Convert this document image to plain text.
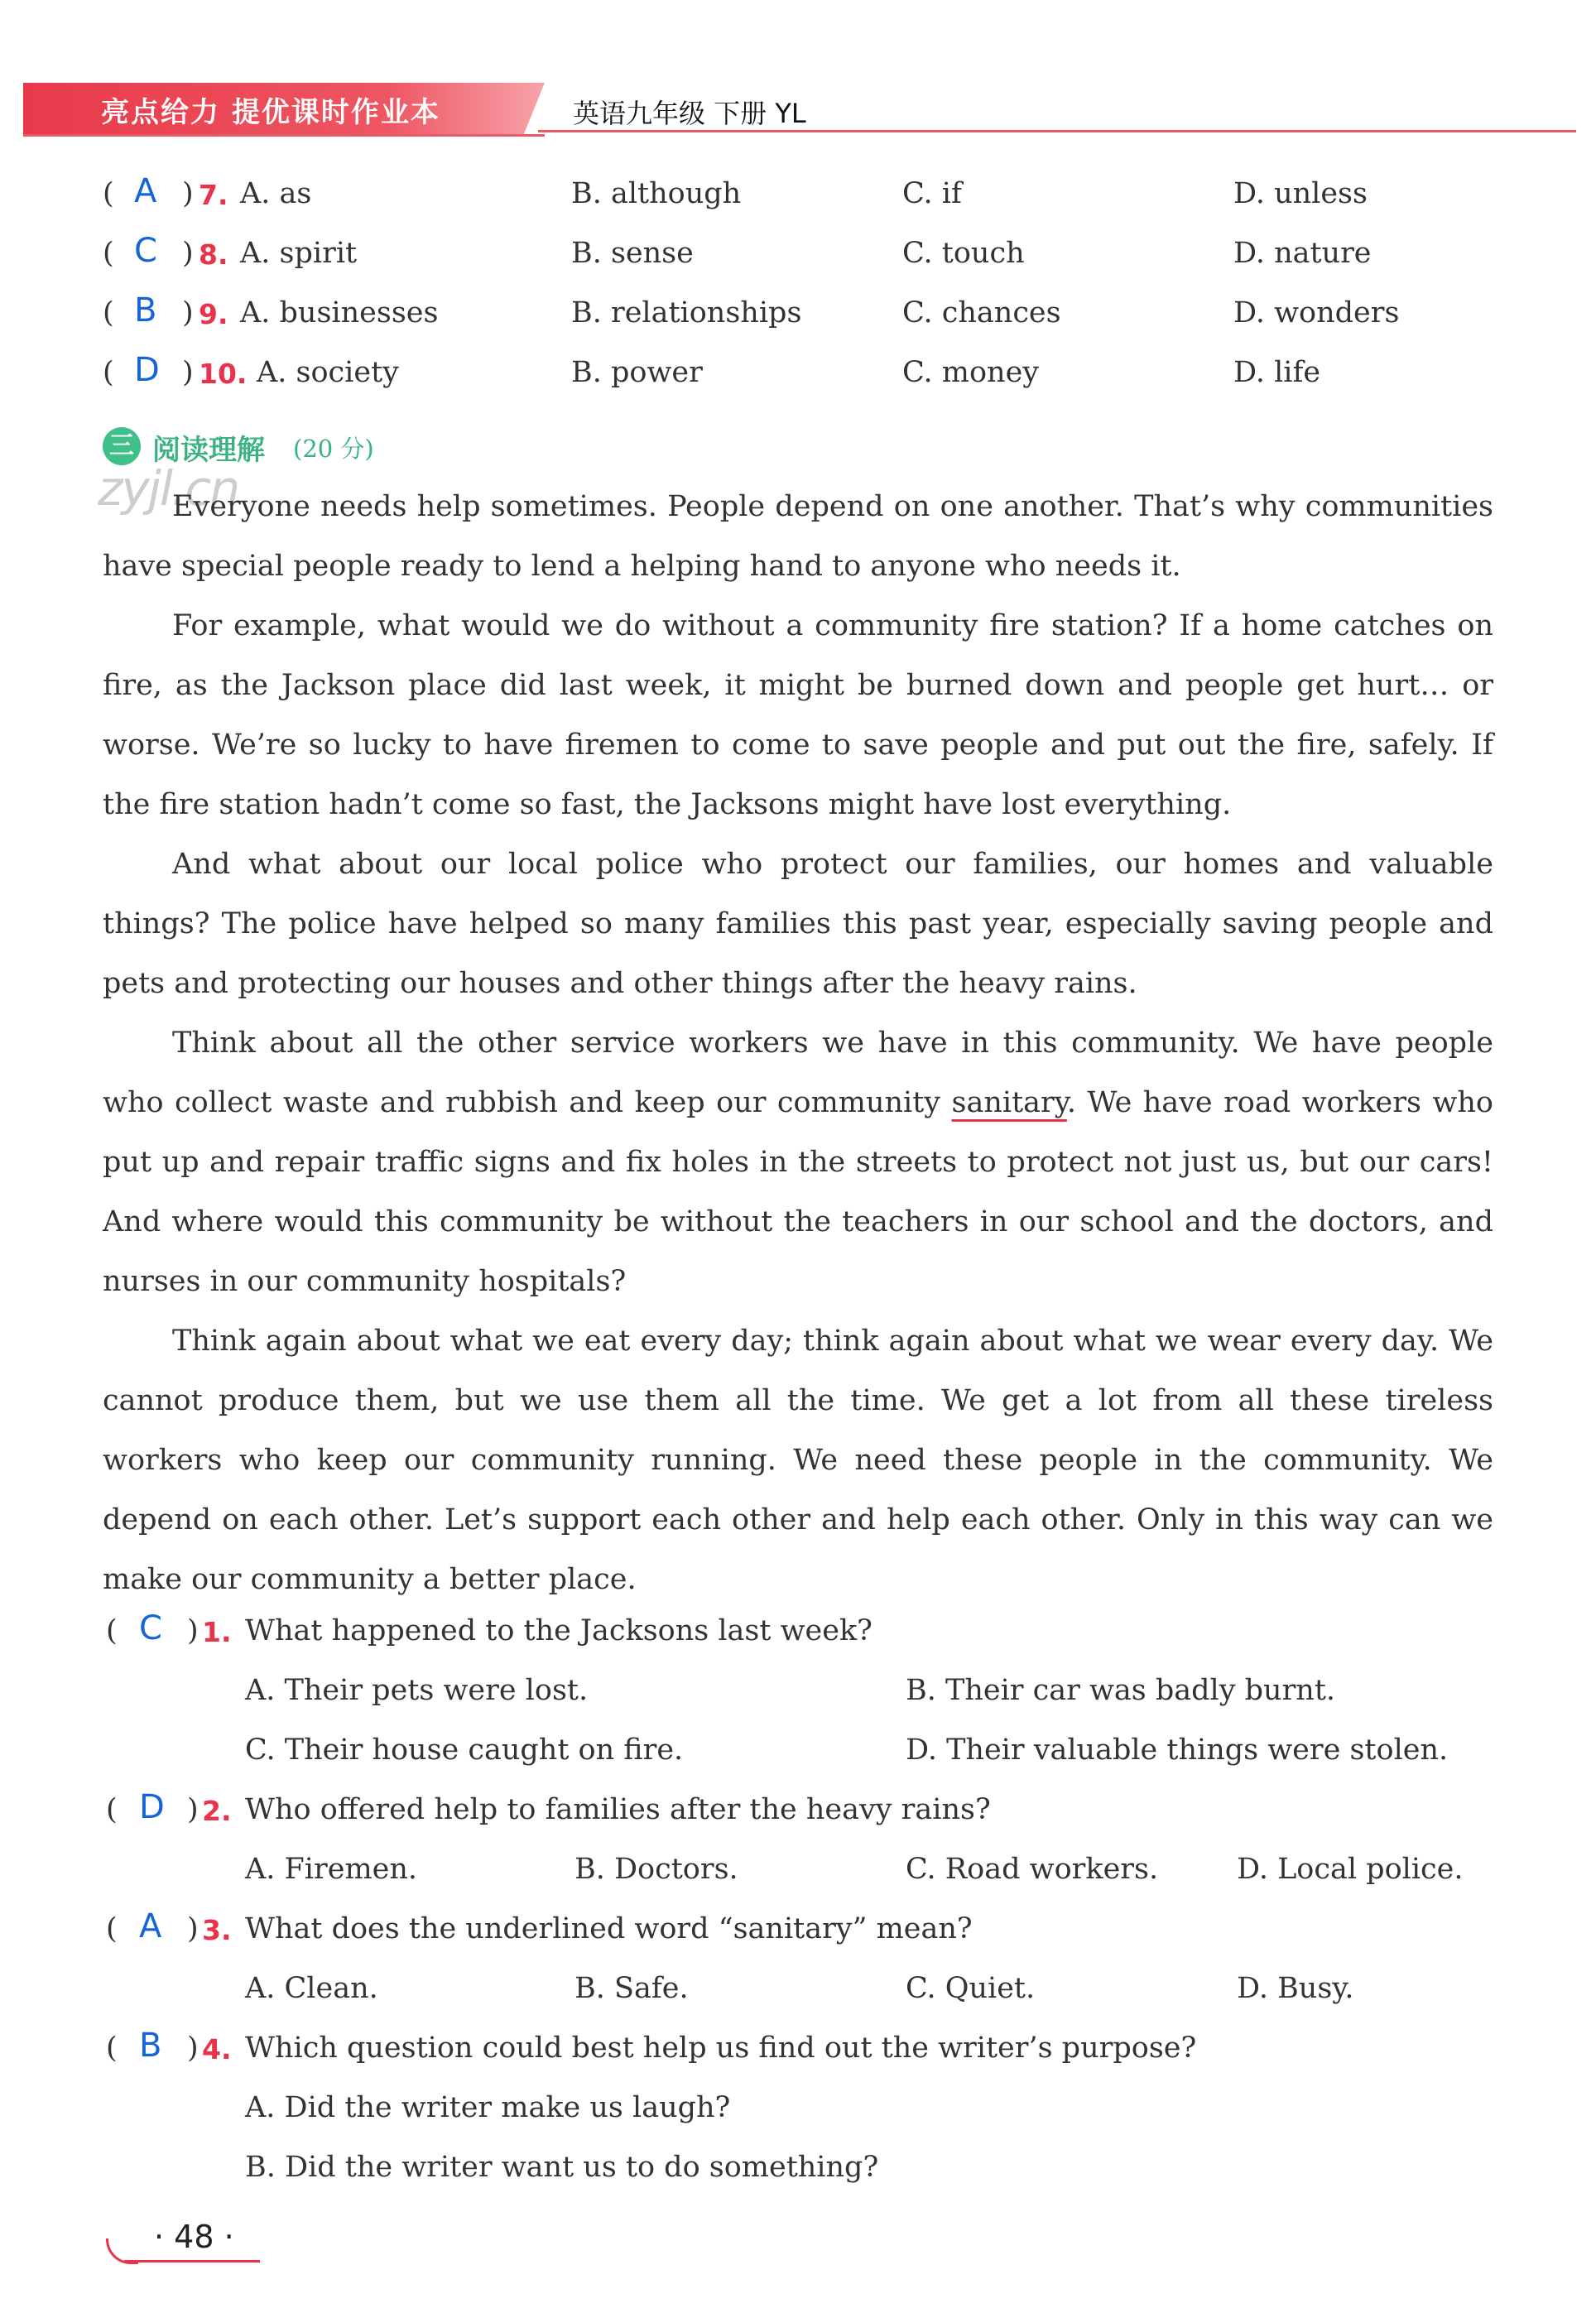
亮点给力 提优课时作业本	英语九年级 下册 YL
( A ) 7. A. as	B. although	C. if	D. unless
( C ) 8. A. spirit	B. sense	C. touch	D. nature
( B ) 9. A. businesses	B. relationships	C. chances	D. wonders
( D ) 10. A. society	B. power	C. money	D. life
三 阅读理解 (20 分)
zyjl.cn

Everyone needs help sometimes. People depend on one another. That’s why communities have special people ready to lend a helping hand to anyone who needs it.

For example, what would we do without a community fire station? If a home catches on fire, as the Jackson place did last week, it might be burned down and people get hurt… or worse. We’re so lucky to have firemen to come to save people and put out the fire, safely. If the fire station hadn’t come so fast, the Jacksons might have lost everything.

And what about our local police who protect our families, our homes and valuable things? The police have helped so many families this past year, especially saving people and pets and protecting our houses and other things after the heavy rains.

Think about all the other service workers we have in this community. We have people who collect waste and rubbish and keep our community sanitary. We have road workers who put up and repair traffic signs and fix holes in the streets to protect not just us, but our cars! And where would this community be without the teachers in our school and the doctors, and nurses in our community hospitals?

Think again about what we eat every day; think again about what we wear every day. We cannot produce them, but we use them all the time. We get a lot from all these tireless workers who keep our community running. We need these people in the community. We depend on each other. Let’s support each other and help each other. Only in this way can we make our community a better place.

( C ) 1. What happened to the Jacksons last week?
A. Their pets were lost.	B. Their car was badly burnt.
C. Their house caught on fire.	D. Their valuable things were stolen.
( D ) 2. Who offered help to families after the heavy rains?
A. Firemen.	B. Doctors.	C. Road workers.	D. Local police.
( A ) 3. What does the underlined word “sanitary” mean?
A. Clean.	B. Safe.	C. Quiet.	D. Busy.
( B ) 4. Which question could best help us find out the writer’s purpose?
A. Did the writer make us laugh?
B. Did the writer want us to do something?
· 48 ·
